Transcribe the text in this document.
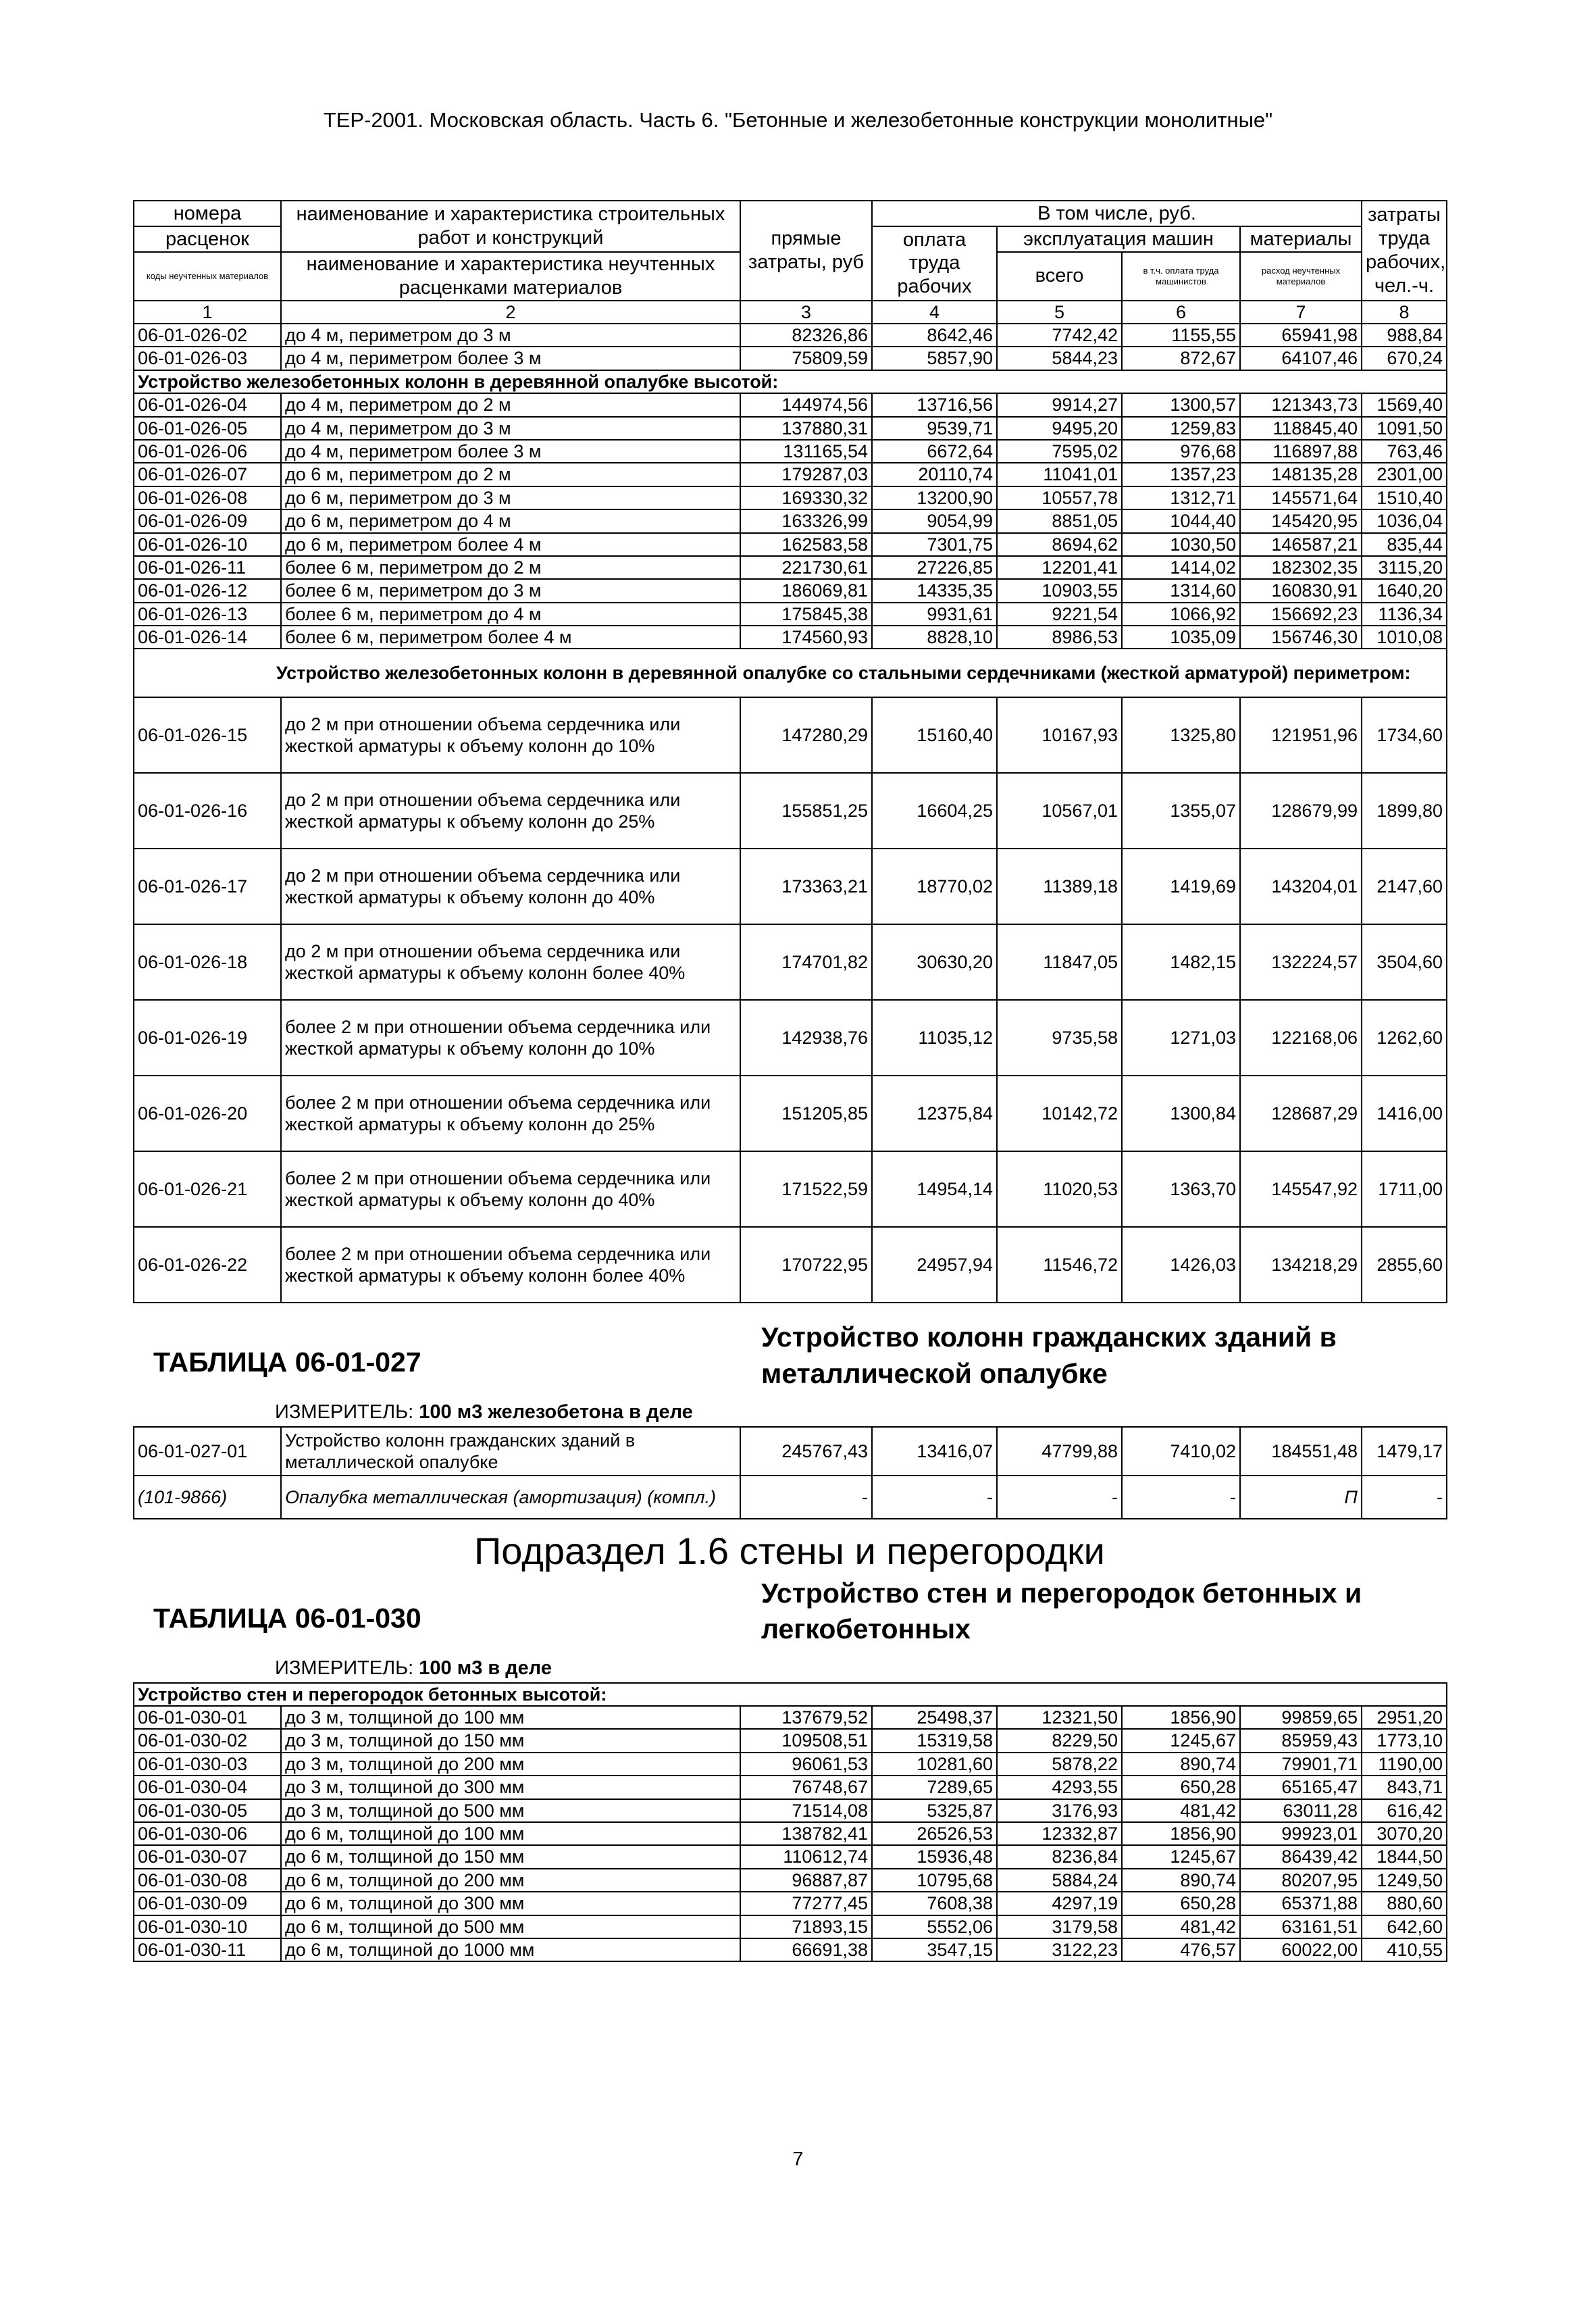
ТЕР-2001. Московская область. Часть 6. "Бетонные и железобетонные конструкции монолитные"
номера	наименование и характеристика строительных работ и конструкций	прямые затраты, руб	В том числе, руб.				затраты труда рабочих, чел.-ч.	
расценок			оплата труда рабочих	эксплуатация машин		материалы		
коды неучтенных материалов	наименование и характеристика неучтенных расценками материалов			всего	в т.ч. оплата труда машинистов	расход неучтенных материалов		

1	2	3	4	5	6	7	8	
06-01-026-02	до 4 м, периметром до 3 м	82326,86	8642,46	7742,42	1155,55	65941,98	988,84	
06-01-026-03	до 4 м, периметром более 3 м	75809,59	5857,90	5844,23	872,67	64107,46	670,24	
Устройство железобетонных колонн в деревянной опалубке высотой:								
06-01-026-04	до 4 м, периметром до 2 м	144974,56	13716,56	9914,27	1300,57	121343,73	1569,40	
06-01-026-05	до 4 м, периметром до 3 м	137880,31	9539,71	9495,20	1259,83	118845,40	1091,50	
06-01-026-06	до 4 м, периметром более 3 м	131165,54	6672,64	7595,02	976,68	116897,88	763,46	
06-01-026-07	до 6 м, периметром до 2 м	179287,03	20110,74	11041,01	1357,23	148135,28	2301,00	
06-01-026-08	до 6 м, периметром до 3 м	169330,32	13200,90	10557,78	1312,71	145571,64	1510,40	
06-01-026-09	до 6 м, периметром до 4 м	163326,99	9054,99	8851,05	1044,40	145420,95	1036,04	
06-01-026-10	до 6 м, периметром более 4 м	162583,58	7301,75	8694,62	1030,50	146587,21	835,44	
06-01-026-11	более 6 м, периметром до 2 м	221730,61	27226,85	12201,41	1414,02	182302,35	3115,20	
06-01-026-12	более 6 м, периметром до 3 м	186069,81	14335,35	10903,55	1314,60	160830,91	1640,20	
06-01-026-13	более 6 м, периметром до 4 м	175845,38	9931,61	9221,54	1066,92	156692,23	1136,34	
06-01-026-14	более 6 м, периметром более 4 м	174560,93	8828,10	8986,53	1035,09	156746,30	1010,08	
Устройство железобетонных колонн в деревянной опалубке со стальными сердечниками (жесткой арматурой) периметром:								
06-01-026-15	до 2 м при отношении объема сердечника или жесткой арматуры к объему колонн до 10%	147280,29	15160,40	10167,93	1325,80	121951,96	1734,60	
06-01-026-16	до 2 м при отношении объема сердечника или жесткой арматуры к объему колонн до 25%	155851,25	16604,25	10567,01	1355,07	128679,99	1899,80	
06-01-026-17	до 2 м при отношении объема сердечника или жесткой арматуры к объему колонн до 40%	173363,21	18770,02	11389,18	1419,69	143204,01	2147,60	
06-01-026-18	до 2 м при отношении объема сердечника или жесткой арматуры к объему колонн более 40%	174701,82	30630,20	11847,05	1482,15	132224,57	3504,60	
06-01-026-19	более 2 м при отношении объема сердечника или жесткой арматуры к объему колонн до 10%	142938,76	11035,12	9735,58	1271,03	122168,06	1262,60	
06-01-026-20	более 2 м при отношении объема сердечника или жесткой арматуры к объему колонн до 25%	151205,85	12375,84	10142,72	1300,84	128687,29	1416,00	
06-01-026-21	более 2 м при отношении объема сердечника или жесткой арматуры к объему колонн до 40%	171522,59	14954,14	11020,53	1363,70	145547,92	1711,00	
06-01-026-22	более 2 м при отношении объема сердечника или жесткой арматуры к объему колонн более 40%	170722,95	24957,94	11546,72	1426,03	134218,29	2855,60	
ТАБЛИЦА 06-01-027
Устройство колонн гражданских зданий в металлической опалубке
ИЗМЕРИТЕЛЬ: 100 м3 железобетона в деле
06-01-027-01	Устройство колонн гражданских зданий в металлической опалубке	245767,43	13416,07	47799,88	7410,02	184551,48	1479,17
(101-9866)	Опалубка металлическая (амортизация) (компл.)	-	-	-	-	П	-
Подраздел 1.6 стены и перегородки
ТАБЛИЦА 06-01-030
Устройство стен и перегородок бетонных и легкобетонных
ИЗМЕРИТЕЛЬ: 100 м3 в деле
Устройство стен и перегородок бетонных высотой:							
06-01-030-01	до 3 м, толщиной до 100 мм	137679,52	25498,37	12321,50	1856,90	99859,65	2951,20
06-01-030-02	до 3 м, толщиной до 150 мм	109508,51	15319,58	8229,50	1245,67	85959,43	1773,10
06-01-030-03	до 3 м, толщиной до 200 мм	96061,53	10281,60	5878,22	890,74	79901,71	1190,00
06-01-030-04	до 3 м, толщиной до 300 мм	76748,67	7289,65	4293,55	650,28	65165,47	843,71
06-01-030-05	до 3 м, толщиной до 500 мм	71514,08	5325,87	3176,93	481,42	63011,28	616,42
06-01-030-06	до 6 м, толщиной до 100 мм	138782,41	26526,53	12332,87	1856,90	99923,01	3070,20
06-01-030-07	до 6 м, толщиной до 150 мм	110612,74	15936,48	8236,84	1245,67	86439,42	1844,50
06-01-030-08	до 6 м, толщиной до 200 мм	96887,87	10795,68	5884,24	890,74	80207,95	1249,50
06-01-030-09	до 6 м, толщиной до 300 мм	77277,45	7608,38	4297,19	650,28	65371,88	880,60
06-01-030-10	до 6 м, толщиной до 500 мм	71893,15	5552,06	3179,58	481,42	63161,51	642,60
06-01-030-11	до 6 м, толщиной до 1000 мм	66691,38	3547,15	3122,23	476,57	60022,00	410,55
7
